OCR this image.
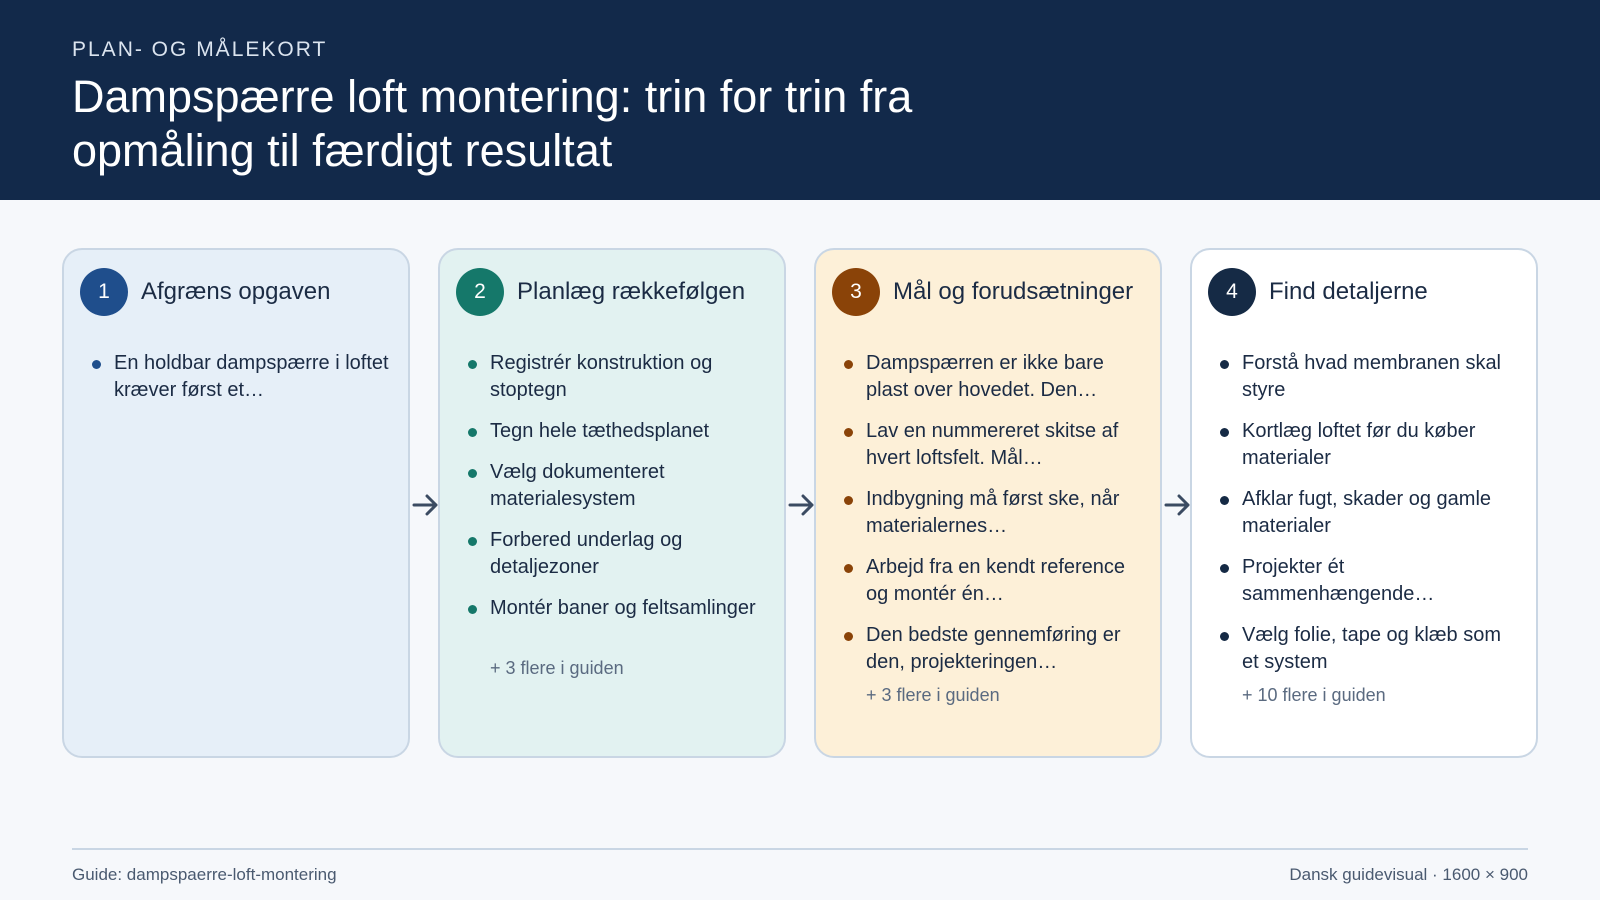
PLAN- OG MÅLEKORT
Dampspærre loft montering: trin for trin fra opmåling til færdigt resultat
1	Afgræns opgaven
En holdbar dampspærre i loftet kræver først et…
2	Planlæg rækkefølgen
Registrér konstruktion og stoptegn
Tegn hele tæthedsplanet
Vælg dokumenteret materialesystem
Forbered underlag og detaljezoner
Montér baner og feltsamlinger
+ 3 flere i guiden
3	Mål og forudsætninger
Dampspærren er ikke bare plast over hovedet. Den…
Lav en nummereret skitse af hvert loftsfelt. Mål…
Indbygning må først ske, når materialernes…
Arbejd fra en kendt reference og montér én…
Den bedste gennemføring er den, projekteringen…
+ 3 flere i guiden
4	Find detaljerne
Forstå hvad membranen skal styre
Kortlæg loftet før du køber materialer
Afklar fugt, skader og gamle materialer
Projekter ét sammenhængende…
Vælg folie, tape og klæb som et system
+ 10 flere i guiden
Guide: dampspaerre-loft-montering	Dansk guidevisual · 1600 × 900
